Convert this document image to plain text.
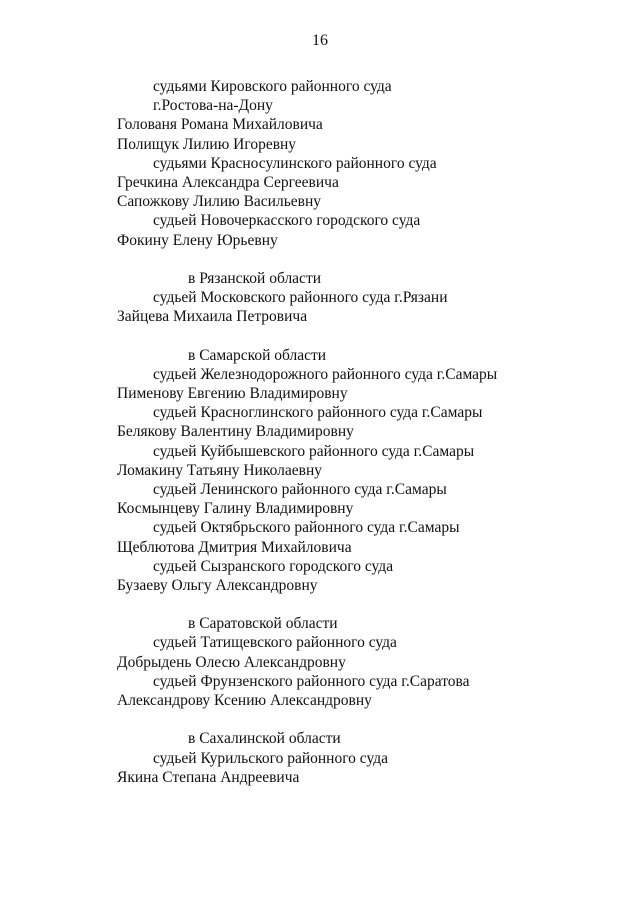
16
судьями Кировского районного суда
г.Ростова-на-Дону
Голованя Романа Михайловича
Полищук Лилию Игоревну
судьями Красносулинского районного суда
Гречкина Александра Сергеевича
Сапожкову Лилию Васильевну
судьей Новочеркасского городского суда
Фокину Елену Юрьевну
в Рязанской области
судьей Московского районного суда г.Рязани
Зайцева Михаила Петровича
в Самарской области
судьей Железнодорожного районного суда г.Самары
Пименову Евгению Владимировну
судьей Красноглинского районного суда г.Самары
Белякову Валентину Владимировну
судьей Куйбышевского районного суда г.Самары
Ломакину Татьяну Николаевну
судьей Ленинского районного суда г.Самары
Космынцеву Галину Владимировну
судьей Октябрьского районного суда г.Самары
Щеблютова Дмитрия Михайловича
судьей Сызранского городского суда
Бузаеву Ольгу Александровну
в Саратовской области
судьей Татищевского районного суда
Добрыдень Олесю Александровну
судьей Фрунзенского районного суда г.Саратова
Александрову Ксению Александровну
в Сахалинской области
судьей Курильского районного суда
Якина Степана Андреевича
